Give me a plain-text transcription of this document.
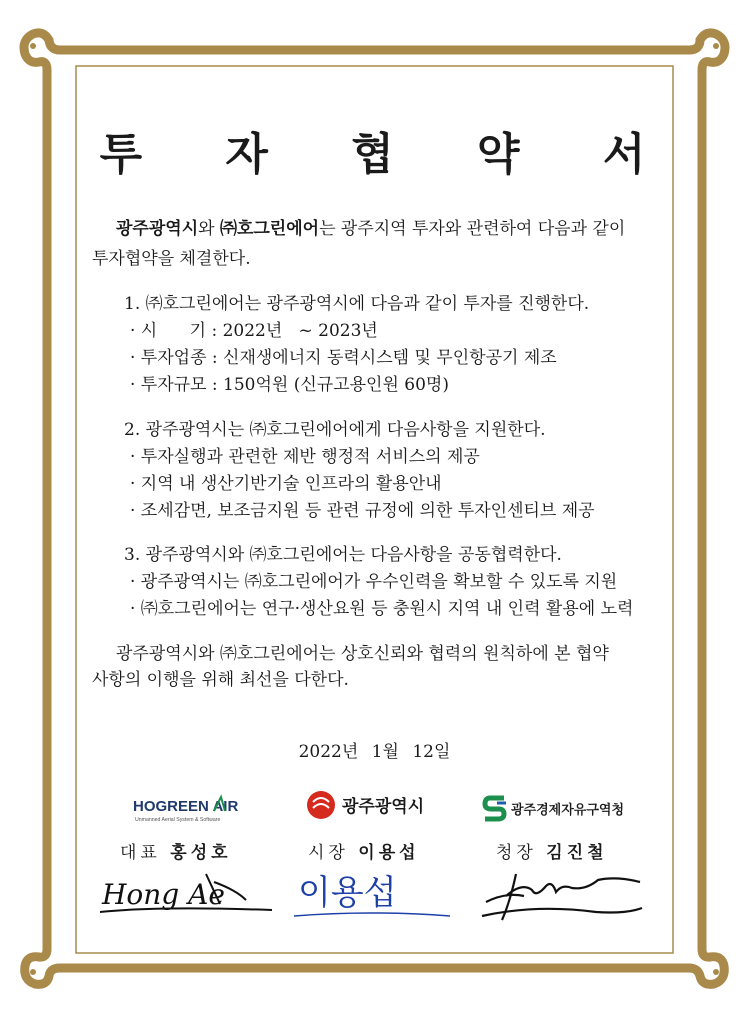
투 자 협 약 서
광주광역시와 ㈜호그린에어는 광주지역 투자와 관련하여 다음과 같이
투자협약을 체결한다.
1. ㈜호그린에어는 광주광역시에 다음과 같이 투자를 진행한다.
· 시      기 : 2022년   ~ 2023년
· 투자업종 : 신재생에너지 동력시스템 및 무인항공기 제조
· 투자규모 : 150억원 (신규고용인원 60명)
2. 광주광역시는 ㈜호그린에어에게 다음사항을 지원한다.
· 투자실행과 관련한 제반 행정적 서비스의 제공
· 지역 내 생산기반기술 인프라의 활용안내
· 조세감면, 보조금지원 등 관련 규정에 의한 투자인센티브 제공
3. 광주광역시와 ㈜호그린에어는 다음사항을 공동협력한다.
· 광주광역시는 ㈜호그린에어가 우수인력을 확보할 수 있도록 지원
· ㈜호그린에어는 연구·생산요원 등 충원시 지역 내 인력 활용에 노력
광주광역시와 ㈜호그린에어는 상호신뢰와 협력의 원칙하에 본 협약
사항의 이행을 위해 최선을 다한다.
2022년 1월 12일
HOGREEN AIR
Unmanned Aerial System & Software
광주광역시	광주경제자유구역청
대표 홍성호	시장 이용섭	청장 김진철
Hong Ae 이용섭
